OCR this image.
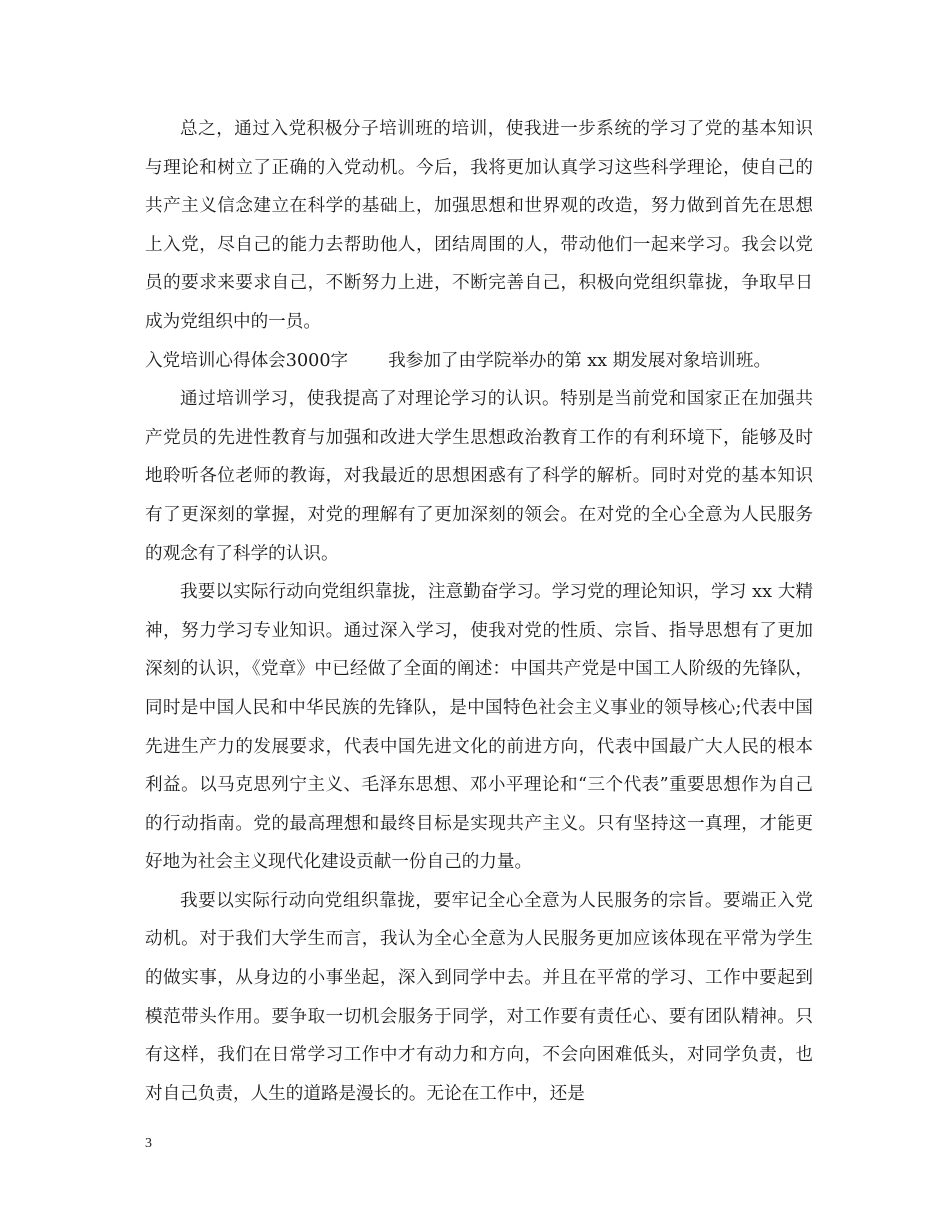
总之，通过入党积极分子培训班的培训，使我进一步系统的学习了党的基本知识与理论和树立了正确的入党动机。今后，我将更加认真学习这些科学理论，使自己的共产主义信念建立在科学的基础上，加强思想和世界观的改造，努力做到首先在思想上入党，尽自己的能力去帮助他人，团结周围的人，带动他们一起来学习。我会以党员的要求来要求自己，不断努力上进，不断完善自己，积极向党组织靠拢，争取早日成为党组织中的一员。

入党培训心得体会3000字 我参加了由学院举办的第 xx 期发展对象培训班。

通过培训学习，使我提高了对理论学习的认识。特别是当前党和国家正在加强共产党员的先进性教育与加强和改进大学生思想政治教育工作的有利环境下，能够及时地聆听各位老师的教诲，对我最近的思想困惑有了科学的解析。同时对党的基本知识有了更深刻的掌握，对党的理解有了更加深刻的领会。在对党的全心全意为人民服务的观念有了科学的认识。

我要以实际行动向党组织靠拢，注意勤奋学习。学习党的理论知识，学习 xx 大精神，努力学习专业知识。通过深入学习，使我对党的性质、宗旨、指导思想有了更加深刻的认识，《党章》中已经做了全面的阐述：中国共产党是中国工人阶级的先锋队，同时是中国人民和中华民族的先锋队，是中国特色社会主义事业的领导核心;代表中国先进生产力的发展要求，代表中国先进文化的前进方向，代表中国最广大人民的根本利益。以马克思列宁主义、毛泽东思想、邓小平理论和“三个代表”重要思想作为自己的行动指南。党的最高理想和最终目标是实现共产主义。只有坚持这一真理，才能更好地为社会主义现代化建设贡献一份自己的力量。

我要以实际行动向党组织靠拢，要牢记全心全意为人民服务的宗旨。要端正入党动机。对于我们大学生而言，我认为全心全意为人民服务更加应该体现在平常为学生的做实事，从身边的小事坐起，深入到同学中去。并且在平常的学习、工作中要起到模范带头作用。要争取一切机会服务于同学，对工作要有责任心、要有团队精神。只有这样，我们在日常学习工作中才有动力和方向，不会向困难低头，对同学负责，也对自己负责，人生的道路是漫长的。无论在工作中，还是

3
